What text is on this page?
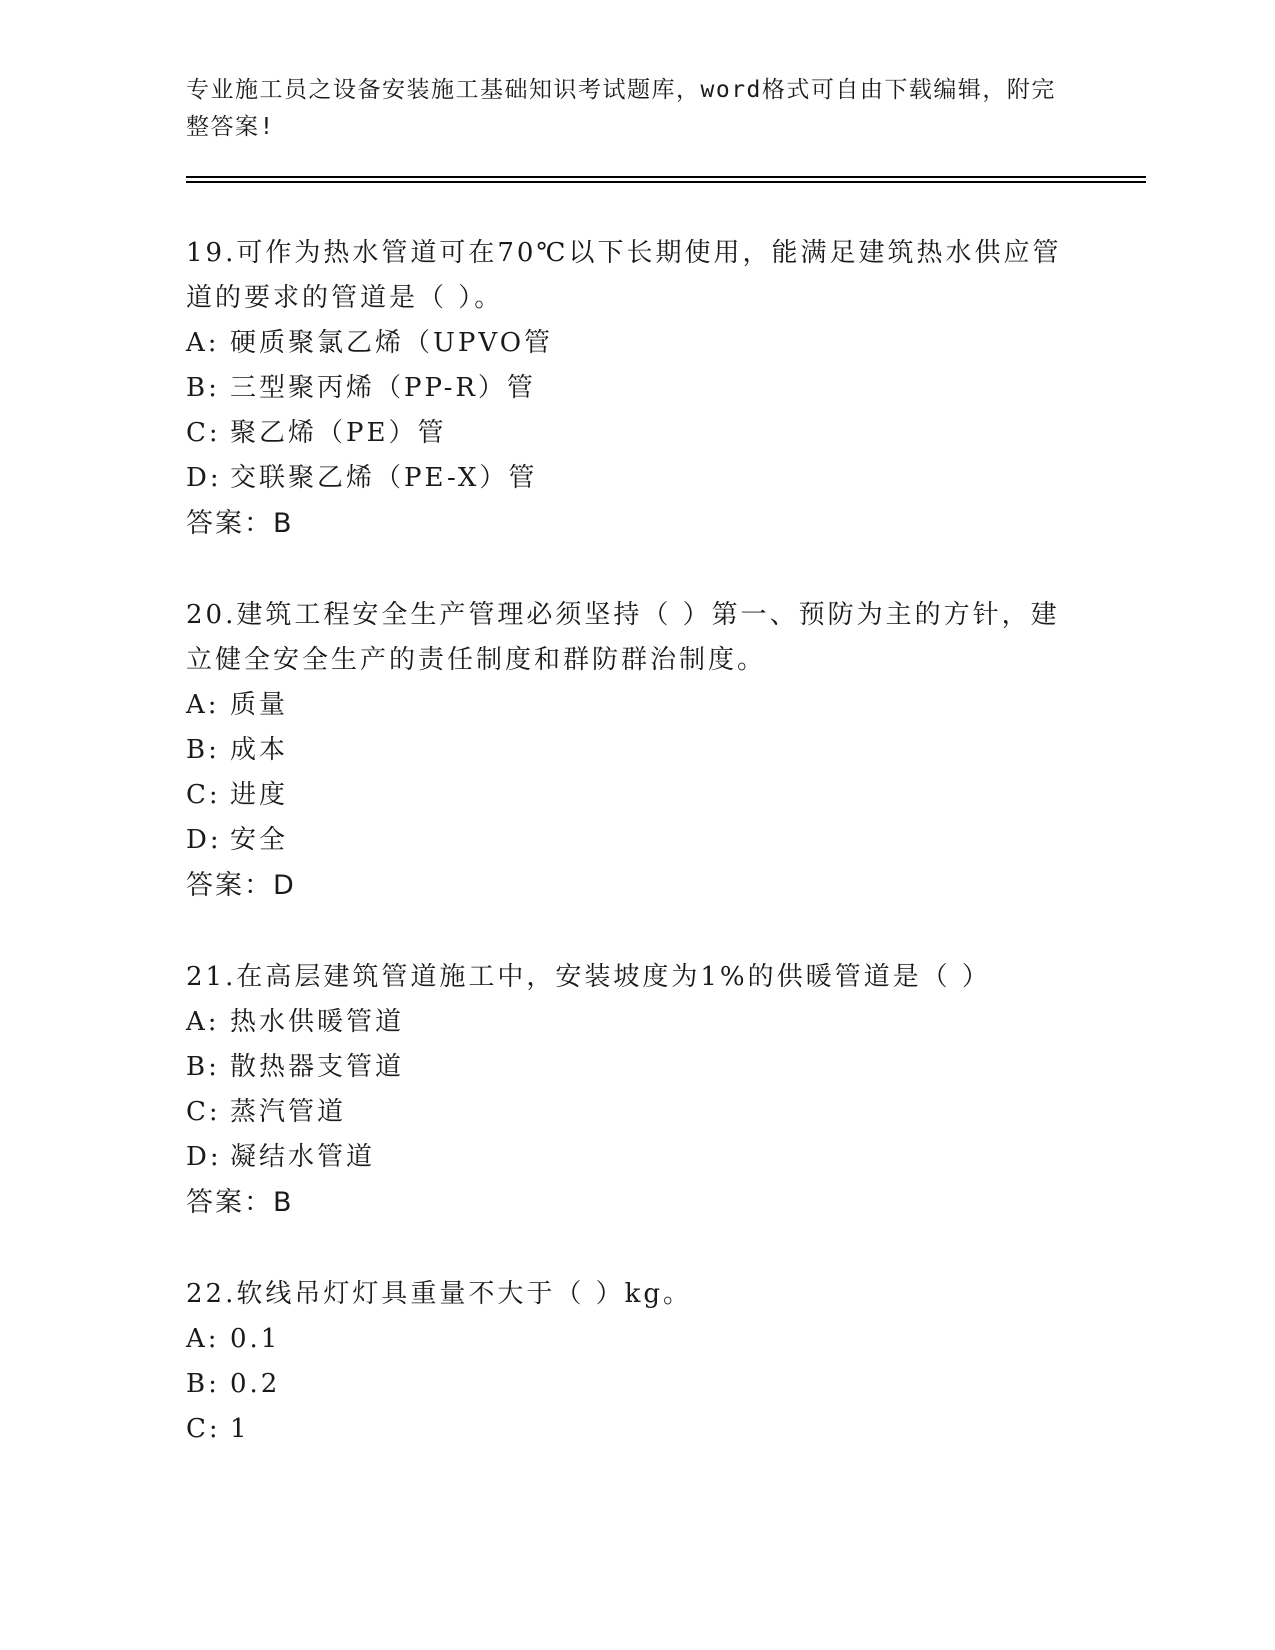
专业施工员之设备安装施工基础知识考试题库，word格式可自由下载编辑，附完整答案!

19.可作为热水管道可在70℃以下长期使用，能满足建筑热水供应管道的要求的管道是（ ）。

A: 硬质聚氯乙烯（UPVO管
B: 三型聚丙烯（PP-R）管
C: 聚乙烯（PE）管
D: 交联聚乙烯（PE-X）管
答案：B

20.建筑工程安全生产管理必须坚持（ ）第一、预防为主的方针，建立健全安全生产的责任制度和群防群治制度。

A: 质量
B: 成本
C: 进度
D: 安全
答案：D

21.在高层建筑管道施工中，安装坡度为1%的供暖管道是（ ）

A: 热水供暖管道
B: 散热器支管道
C: 蒸汽管道
D: 凝结水管道
答案：B

22.软线吊灯灯具重量不大于（ ）kg。

A: 0.1
B: 0.2
C: 1
